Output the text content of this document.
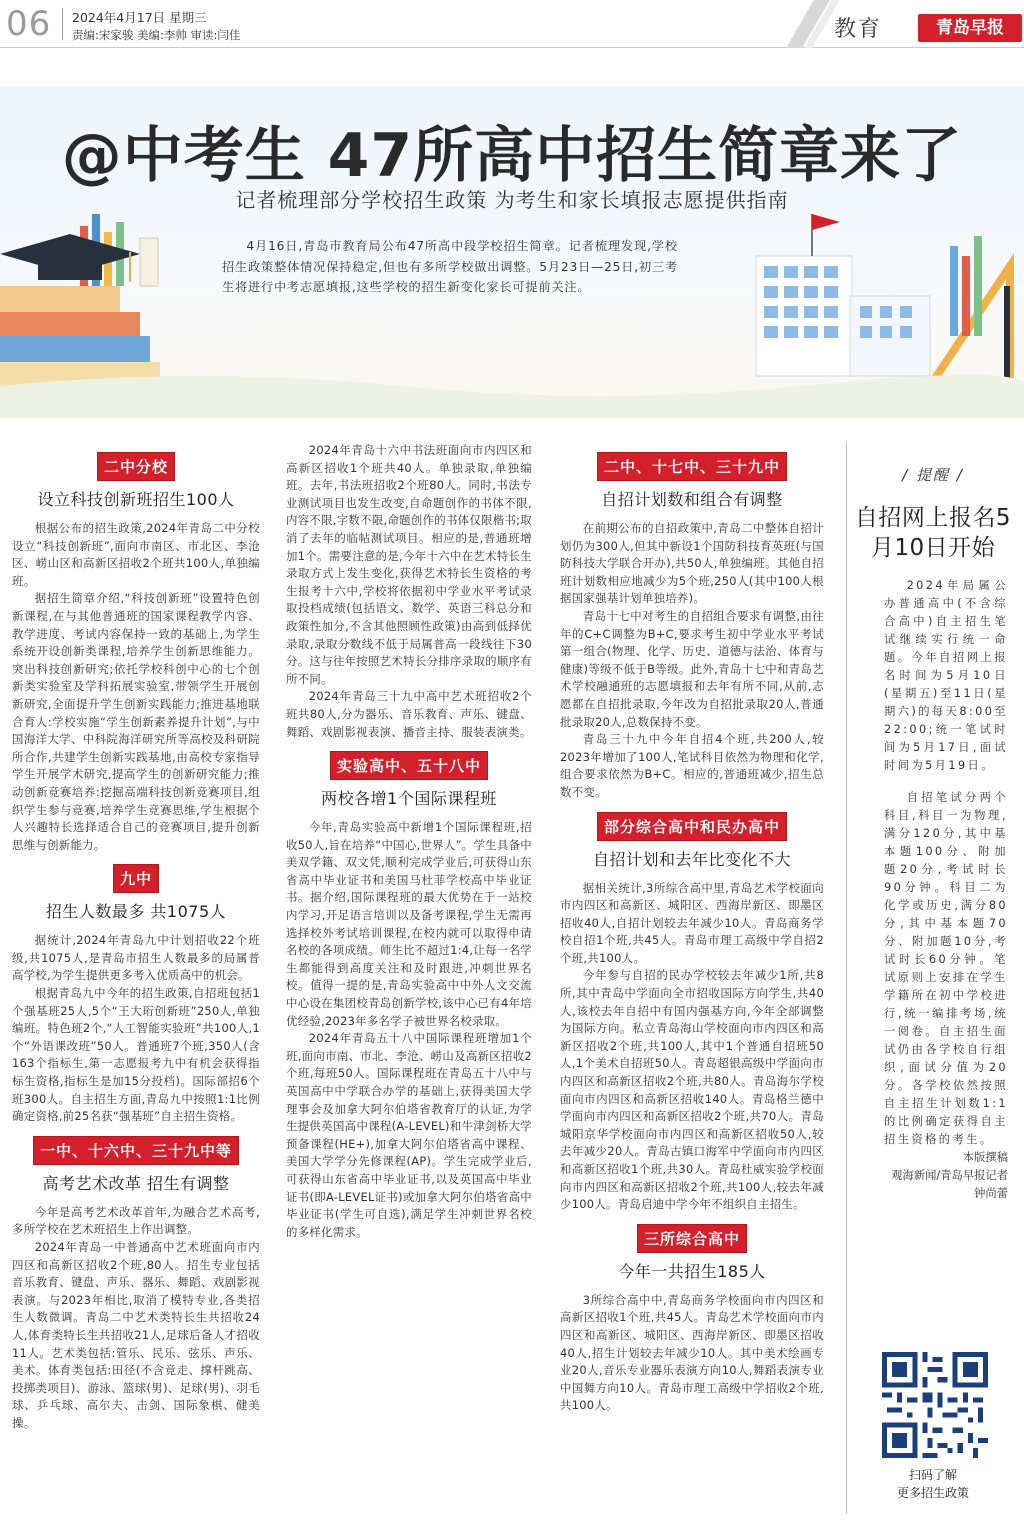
06 2024年4月17日 星期三
责编:宋家骏 美编:李帅 审读:闫佳	教育	青岛早报
@中考生 47所高中招生简章来了
记者梳理部分学校招生政策 为考生和家长填报志愿提供指南
4月16日,青岛市教育局公布47所高中段学校招生简章。记者梳理发现,学校招生政策整体情况保持稳定,但也有多所学校做出调整。5月23日—25日,初三考生将进行中考志愿填报,这些学校的招生新变化家长可提前关注。
二中分校
设立科技创新班招生100人

根据公布的招生政策,2024年青岛二中分校设立“科技创新班”,面向市南区、市北区、李沧区、崂山区和高新区招收2个班共100人,单独编班。

据招生简章介绍,“科技创新班”设置特色创新课程,在与其他普通班的国家课程教学内容、教学进度、考试内容保持一致的基础上,为学生系统开设创新类课程,培养学生创新思维能力。突出科技创新研究;依托学校科创中心的七个创新类实验室及学科拓展实验室,带领学生开展创新研究,全面提升学生创新实践能力;推进基地联合育人:学校实施“学生创新素养提升计划”,与中国海洋大学、中科院海洋研究所等高校及科研院所合作,共建学生创新实践基地,由高校专家指导学生开展学术研究,提高学生的创新研究能力;推动创新竞赛培养:挖掘高端科技创新竞赛项目,组织学生参与竞赛,培养学生竞赛思维,学生根据个人兴趣特长选择适合自己的竞赛项目,提升创新思维与创新能力。

九中
招生人数最多 共1075人

据统计,2024年青岛九中计划招收22个班级,共1075人,是青岛市招生人数最多的局属普高学校,为学生提供更多考入优质高中的机会。

根据青岛九中今年的招生政策,自招班包括1个强基班25人,5个“王大珩创新班”250人,单独编班。特色班2个,“人工智能实验班”共100人,1个“外语课改班”50人。普通班7个班,350人(含163个指标生,第一志愿报考九中有机会获得指标生资格,指标生是加15分投档)。国际部招6个班300人。自主招生方面,青岛九中按照1:1比例确定资格,前25名获“强基班”自主招生资格。

一中、十六中、三十九中等
高考艺术改革 招生有调整

今年是高考艺术改革首年,为融合艺术高考,多所学校在艺术班招生上作出调整。

2024年青岛一中普通高中艺术班面向市内四区和高新区招收2个班,80人。招生专业包括音乐教育、键盘、声乐、器乐、舞蹈、戏剧影视表演。与2023年相比,取消了模特专业,各类招生人数微调。青岛二中艺术类特长生共招收24人,体育类特长生共招收21人,足球后备人才招收11人。艺术类包括:管乐、民乐、弦乐、声乐、美术。体育类包括:田径(不含竞走、撑杆跳高、投掷类项目)、游泳、篮球(男)、足球(男)、羽毛球、乒乓球、高尔夫、击剑、国际象棋、健美操。

2024年青岛十六中书法班面向市内四区和高新区招收1个班共40人。单独录取,单独编班。去年,书法班招收2个班80人。同时,书法专业测试项目也发生改变,自命题创作的书体不限,内容不限,字数不限,命题创作的书体仅限楷书;取消了去年的临帖测试项目。相应的是,普通班增加1个。需要注意的是,今年十六中在艺术特长生录取方式上发生变化,获得艺术特长生资格的考生报考十六中,学校将依据初中学业水平考试录取投档成绩(包括语文、数学、英语三科总分和政策性加分,不含其他照顾性政策)由高到低择优录取,录取分数线不低于局属普高一段线往下30分。这与往年按照艺术特长分排序录取的顺序有所不同。

2024年青岛三十九中高中艺术班招收2个班共80人,分为器乐、音乐教育、声乐、键盘、舞蹈、戏剧影视表演、播音主持、服装表演类。

实验高中、五十八中
两校各增1个国际课程班

今年,青岛实验高中新增1个国际课程班,招收50人,旨在培养“中国心,世界人”。学生具备中美双学籍、双文凭,顺利完成学业后,可获得山东省高中毕业证书和美国马杜菲学校高中毕业证书。据介绍,国际课程班的最大优势在于一站校内学习,开足语言培训以及备考课程,学生无需再选择校外考试培训课程,在校内就可以取得申请名校的各项成绩。师生比不超过1:4,让每一名学生都能得到高度关注和及时跟进,冲刺世界名校。值得一提的是,青岛实验高中中外人文交流中心设在集团校青岛创新学校,该中心已有4年培优经验,2023年多名学子被世界名校录取。

2024年青岛五十八中国际课程班增加1个班,面向市南、市北、李沧、崂山及高新区招收2个班,每班50人。国际课程班在青岛五十八中与英国高中中学联合办学的基础上,获得美国大学理事会及加拿大阿尔伯塔省教育厅的认证,为学生提供英国高中课程(A-LEVEL)和牛津剑桥大学预备课程(HE+),加拿大阿尔伯塔省高中课程、美国大学学分先修课程(AP)。学生完成学业后,可获得山东省高中毕业证书,以及英国高中毕业证书(即A-LEVEL证书)或加拿大阿尔伯塔省高中毕业证书(学生可自选),满足学生冲刺世界名校的多样化需求。

二中、十七中、三十九中
自招计划数和组合有调整

在前期公布的自招政策中,青岛二中整体自招计划仍为300人,但其中新设1个国防科技育英班(与国防科技大学联合开办),共50人,单独编班。其他自招班计划数相应地减少为5个班,250人(其中100人根据国家强基计划单独培养)。

青岛十七中对考生的自招组合要求有调整,由往年的C+C调整为B+C,要求考生初中学业水平考试第一组合(物理、化学、历史、道德与法治、体育与健康)等级不低于B等级。此外,青岛十七中和青岛艺术学校融通班的志愿填报和去年有所不同,从前,志愿都在自招批录取,今年改为自招批录取20人,普通批录取20人,总数保持不变。

青岛三十九中今年自招4个班,共200人,较2023年增加了100人,笔试科目依然为物理和化学,组合要求依然为B+C。相应的,普通班减少,招生总数不变。

部分综合高中和民办高中
自招计划和去年比变化不大

据相关统计,3所综合高中里,青岛艺术学校面向市内四区和高新区、城阳区、西海岸新区、即墨区招收40人,自招计划较去年减少10人。青岛商务学校自招1个班,共45人。青岛市理工高级中学自招2个班,共100人。

今年参与自招的民办学校较去年减少1所,共8所,其中青岛中学面向全市招收国际方向学生,共40人,该校去年自招中有国内强基方向,今年全部调整为国际方向。私立青岛海山学校面向市内四区和高新区招收2个班,共100人,其中1个普通自招班50人,1个美术自招班50人。青岛超银高级中学面向市内四区和高新区招收2个班,共80人。青岛海尔学校面向市内四区和高新区招收140人。青岛格兰德中学面向市内四区和高新区招收2个班,共70人。青岛城阳京华学校面向市内四区和高新区招收50人,较去年减少20人。青岛古镇口海军中学面向市内四区和高新区招收1个班,共30人。青岛杜威实验学校面向市内四区和高新区招收2个班,共100人,较去年减少100人。青岛启迪中学今年不组织自主招生。

三所综合高中
今年一共招生185人

3所综合高中中,青岛商务学校面向市内四区和高新区招收1个班,共45人。青岛艺术学校面向市内四区和高新区、城阳区、西海岸新区、即墨区招收40人,招生计划较去年减少10人。其中美术绘画专业20人,音乐专业器乐表演方向10人,舞蹈表演专业中国舞方向10人。青岛市理工高级中学招收2个班,共100人。

/ 提醒 /
自招网上报名5月10日开始

2024年局属公办普通高中(不含综合高中)自主招生笔试继续实行统一命题。今年自招网上报名时间为5月10日(星期五)至11日(星期六)的每天8:00至22:00;统一笔试时间为5月17日,面试时间为5月19日。

自招笔试分两个科目,科目一为物理,满分120分,其中基本题100分、附加题20分,考试时长90分钟。科目二为化学或历史,满分80分,其中基本题70分、附加题10分,考试时长60分钟。笔试原则上安排在学生学籍所在初中学校进行,统一编排考场,统一阅卷。自主招生面试仍由各学校自行组织,面试分值为20分。各学校依然按照自主招生计划数1:1的比例确定获得自主招生资格的考生。

本版撰稿

观海新闻/青岛早报记者 钟尚蕾

扫码了解
更多招生政策
